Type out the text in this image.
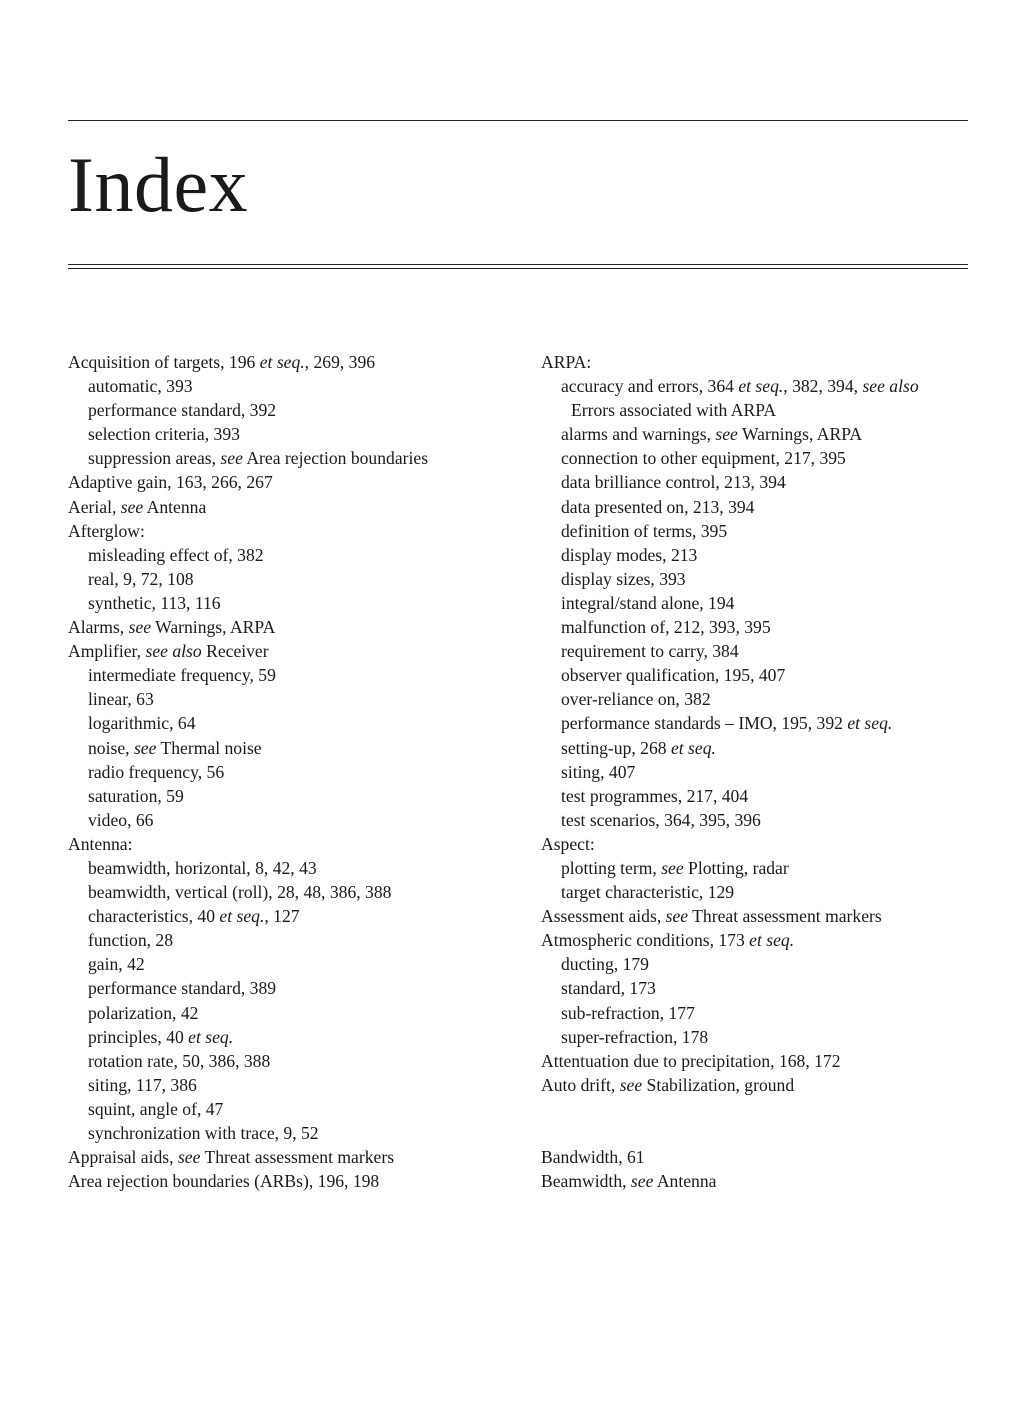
Index
Acquisition of targets, 196 et seq., 269, 396
automatic, 393
performance standard, 392
selection criteria, 393
suppression areas, see Area rejection boundaries
Adaptive gain, 163, 266, 267
Aerial, see Antenna
Afterglow:
misleading effect of, 382
real, 9, 72, 108
synthetic, 113, 116
Alarms, see Warnings, ARPA
Amplifier, see also Receiver
intermediate frequency, 59
linear, 63
logarithmic, 64
noise, see Thermal noise
radio frequency, 56
saturation, 59
video, 66
Antenna:
beamwidth, horizontal, 8, 42, 43
beamwidth, vertical (roll), 28, 48, 386, 388
characteristics, 40 et seq., 127
function, 28
gain, 42
performance standard, 389
polarization, 42
principles, 40 et seq.
rotation rate, 50, 386, 388
siting, 117, 386
squint, angle of, 47
synchronization with trace, 9, 52
Appraisal aids, see Threat assessment markers
Area rejection boundaries (ARBs), 196, 198
ARPA:
accuracy and errors, 364 et seq., 382, 394, see also
Errors associated with ARPA
alarms and warnings, see Warnings, ARPA
connection to other equipment, 217, 395
data brilliance control, 213, 394
data presented on, 213, 394
definition of terms, 395
display modes, 213
display sizes, 393
integral/stand alone, 194
malfunction of, 212, 393, 395
requirement to carry, 384
observer qualification, 195, 407
over-reliance on, 382
performance standards – IMO, 195, 392 et seq.
setting-up, 268 et seq.
siting, 407
test programmes, 217, 404
test scenarios, 364, 395, 396
Aspect:
plotting term, see Plotting, radar
target characteristic, 129
Assessment aids, see Threat assessment markers
Atmospheric conditions, 173 et seq.
ducting, 179
standard, 173
sub-refraction, 177
super-refraction, 178
Attentuation due to precipitation, 168, 172
Auto drift, see Stabilization, ground
Bandwidth, 61
Beamwidth, see Antenna
